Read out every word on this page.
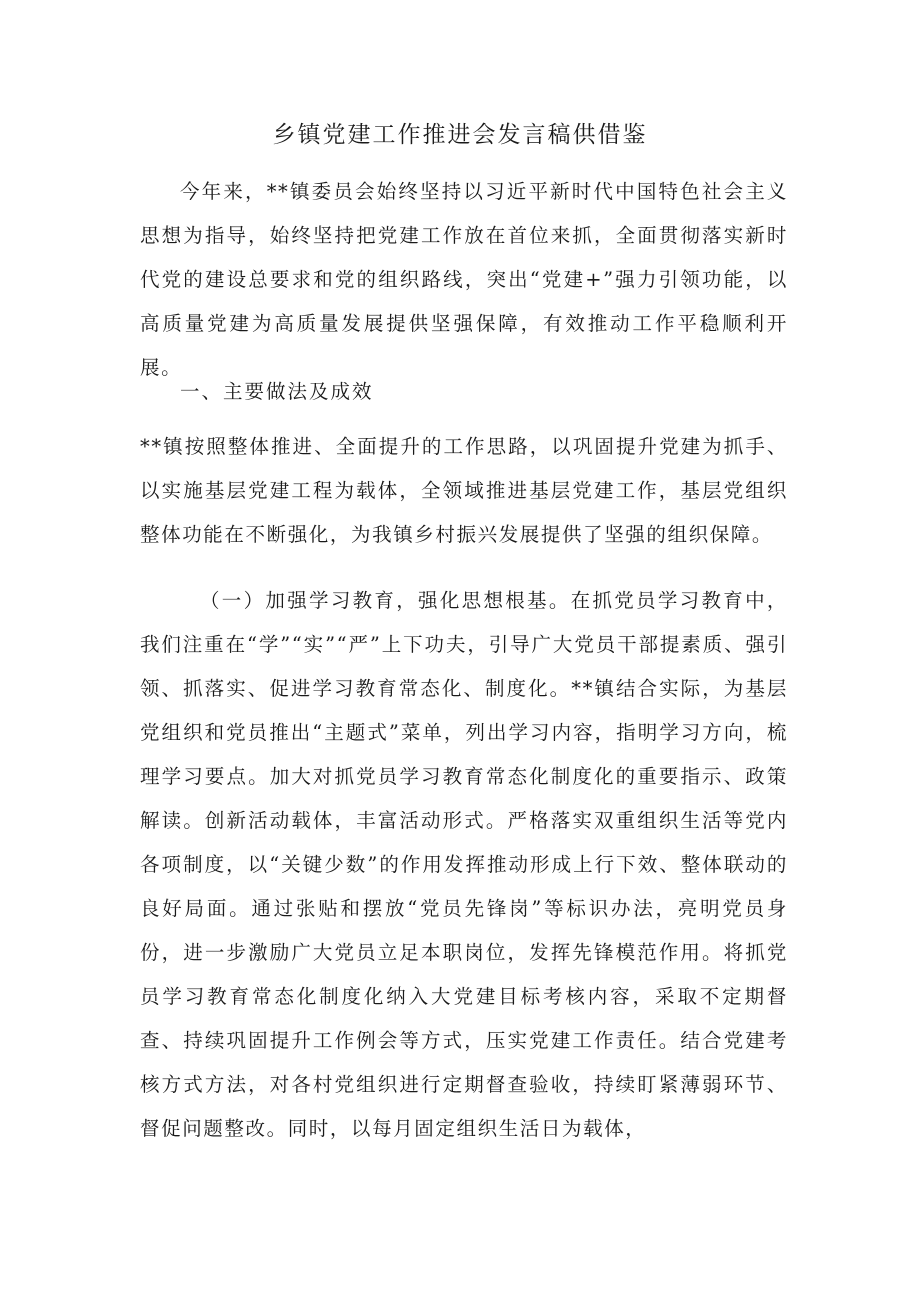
乡镇党建工作推进会发言稿供借鉴

今年来，**镇委员会始终坚持以习近平新时代中国特色社会主义思想为指导，始终坚持把党建工作放在首位来抓，全面贯彻落实新时代党的建设总要求和党的组织路线，突出“党建+”强力引领功能，以高质量党建为高质量发展提供坚强保障，有效推动工作平稳顺利开展。

一、主要做法及成效

**镇按照整体推进、全面提升的工作思路，以巩固提升党建为抓手、以实施基层党建工程为载体，全领域推进基层党建工作，基层党组织整体功能在不断强化，为我镇乡村振兴发展提供了坚强的组织保障。

（一）加强学习教育，强化思想根基。在抓党员学习教育中，我们注重在“学”“实”“严”上下功夫，引导广大党员干部提素质、强引领、抓落实、促进学习教育常态化、制度化。**镇结合实际，为基层党组织和党员推出“主题式”菜单，列出学习内容，指明学习方向，梳理学习要点。加大对抓党员学习教育常态化制度化的重要指示、政策解读。创新活动载体，丰富活动形式。严格落实双重组织生活等党内各项制度，以“关键少数”的作用发挥推动形成上行下效、整体联动的良好局面。通过张贴和摆放“党员先锋岗”等标识办法，亮明党员身份，进一步激励广大党员立足本职岗位，发挥先锋模范作用。将抓党员学习教育常态化制度化纳入大党建目标考核内容，采取不定期督查、持续巩固提升工作例会等方式，压实党建工作责任。结合党建考核方式方法，对各村党组织进行定期督查验收，持续盯紧薄弱环节、督促问题整改。同时，以每月固定组织生活日为载体，
